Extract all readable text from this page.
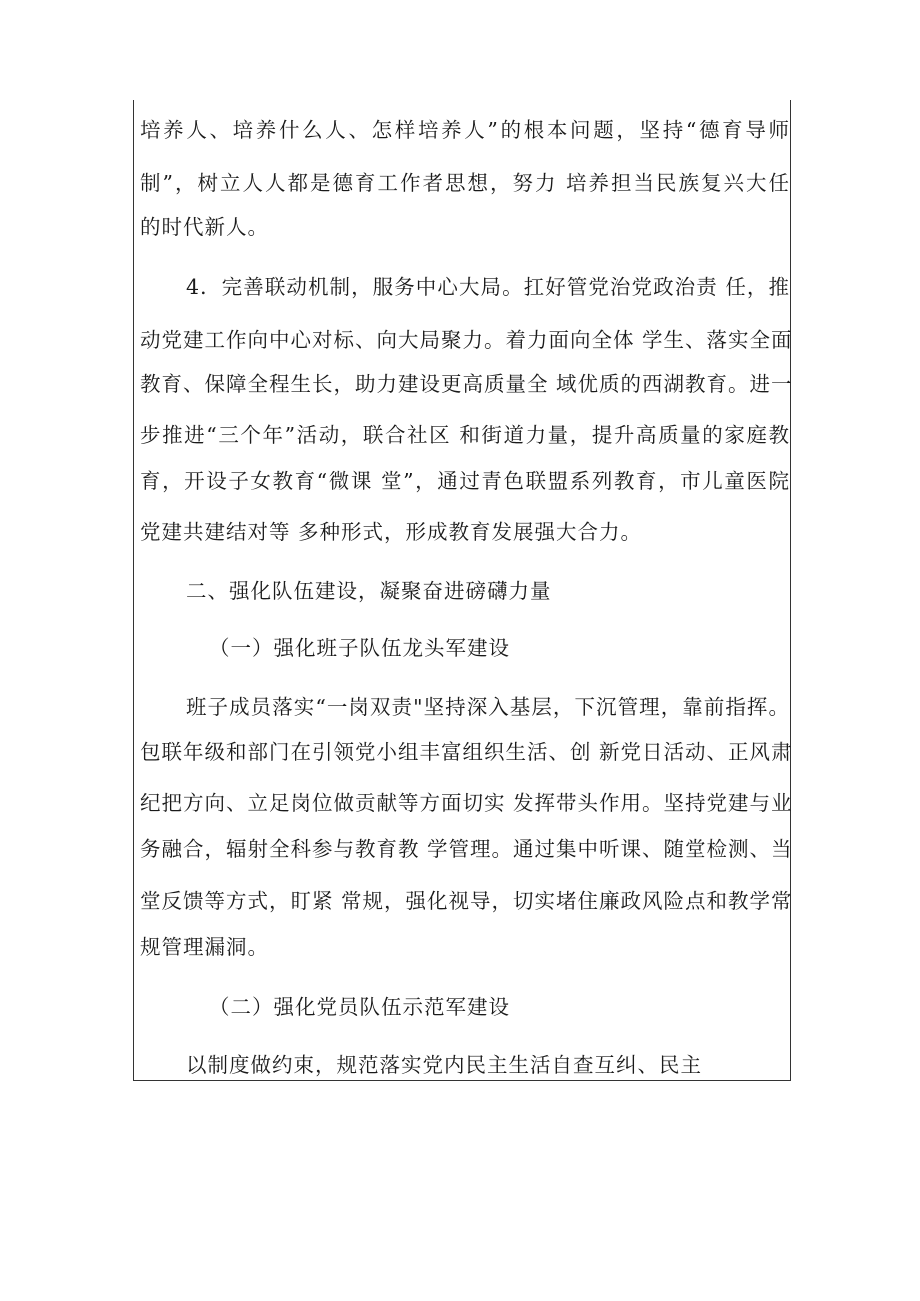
培养人、培养什么人、怎样培养人”的根本问题，坚持“德育导师
制”，树立人人都是德育工作者思想，努力 培养担当民族复兴大任
的时代新人。
4．完善联动机制，服务中心大局。扛好管党治党政治责 任，推
动党建工作向中心对标、向大局聚力。着力面向全体 学生、落实全面
教育、保障全程生长，助力建设更高质量全 域优质的西湖教育。进一
步推进“三个年”活动，联合社区 和街道力量，提升高质量的家庭教
育，开设子女教育“微课 堂”，通过青色联盟系列教育，市儿童医院
党建共建结对等 多种形式，形成教育发展强大合力。
二、强化队伍建设，凝聚奋进磅礴力量
（一）强化班子队伍龙头军建设
班子成员落实“一岗双责"坚持深入基层，下沉管理，靠前指挥。
包联年级和部门在引领党小组丰富组织生活、创 新党日活动、正风肃
纪把方向、立足岗位做贡献等方面切实 发挥带头作用。坚持党建与业
务融合，辐射全科参与教育教 学管理。通过集中听课、随堂检测、当
堂反馈等方式，盯紧 常规，强化视导，切实堵住廉政风险点和教学常
规管理漏洞。
（二）强化党员队伍示范军建设
以制度做约束，规范落实党内民主生活自查互纠、民主
